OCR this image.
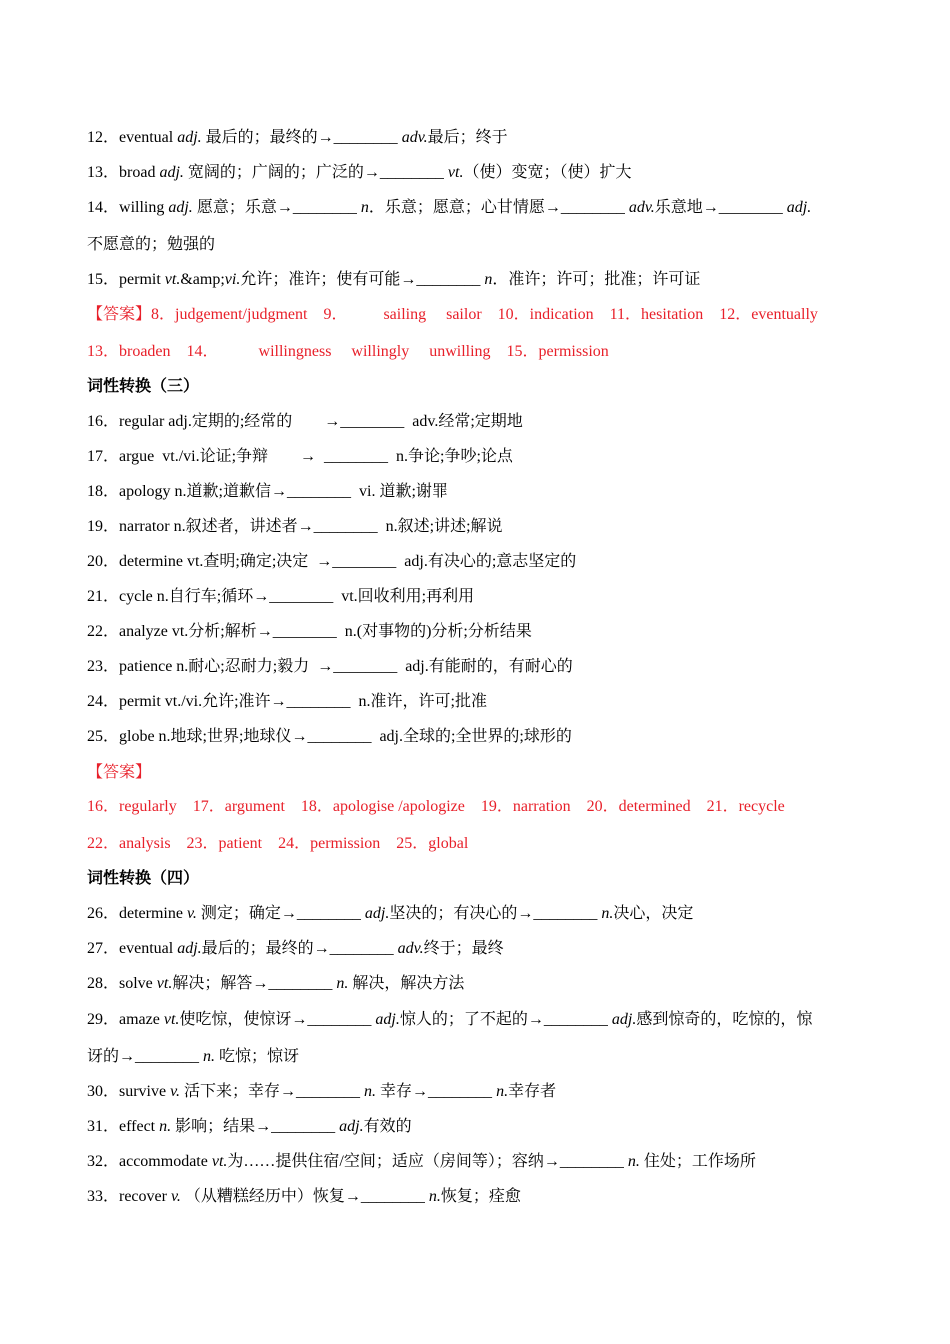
12．eventual adj. 最后的；最终的→________ adv.最后；终于
13．broad adj. 宽阔的；广阔的；广泛的→________ vt.（使）变宽；（使）扩大
14．willing adj. 愿意；乐意→________ n．乐意；愿意；心甘情愿→________ adv.乐意地→________ adj.
不愿意的；勉强的
15．permit vt.&amp;vi.允许；准许；使有可能→________ n．准许；许可；批准；许可证
【答案】8．judgement/judgment    9．         sailing     sailor    10．indication    11．hesitation    12．eventually
13．broaden    14．          willingness     willingly     unwilling    15．permission
词性转换（三）
16．regular adj.定期的;经常的        →________  adv.经常;定期地
17．argue  vt./vi.论证;争辩        →  ________  n.争论;争吵;论点
18．apology n.道歉;道歉信→________  vi. 道歉;谢罪
19．narrator n.叙述者，讲述者→________  n.叙述;讲述;解说
20．determine vt.查明;确定;决定  →________  adj.有决心的;意志坚定的
21．cycle n.自行车;循环→________  vt.回收利用;再利用
22．analyze vt.分析;解析→________  n.(对事物的)分析;分析结果
23．patience n.耐心;忍耐力;毅力  →________  adj.有能耐的，有耐心的
24．permit vt./vi.允许;准许→________  n.准许，许可;批准
25．globe n.地球;世界;地球仪→________  adj.全球的;全世界的;球形的
【答案】
16．regularly    17．argument    18．apologise /apologize    19．narration    20．determined    21．recycle
22．analysis    23．patient    24．permission    25．global
词性转换（四）
26．determine v. 测定；确定→________ adj.坚决的；有决心的→________ n.决心，决定
27．eventual adj.最后的；最终的→________ adv.终于；最终
28．solve vt.解决；解答→________ n. 解决，解决方法
29．amaze vt.使吃惊，使惊讶→________ adj.惊人的；了不起的→________ adj.感到惊奇的，吃惊的，惊
讶的→________ n. 吃惊；惊讶
30．survive v. 活下来；幸存→________ n. 幸存→________ n.幸存者
31．effect n. 影响；结果→________ adj.有效的
32．accommodate vt.为……提供住宿/空间；适应（房间等）；容纳→________ n. 住处；工作场所
33．recover v. （从糟糕经历中）恢复→________ n.恢复；痊愈
